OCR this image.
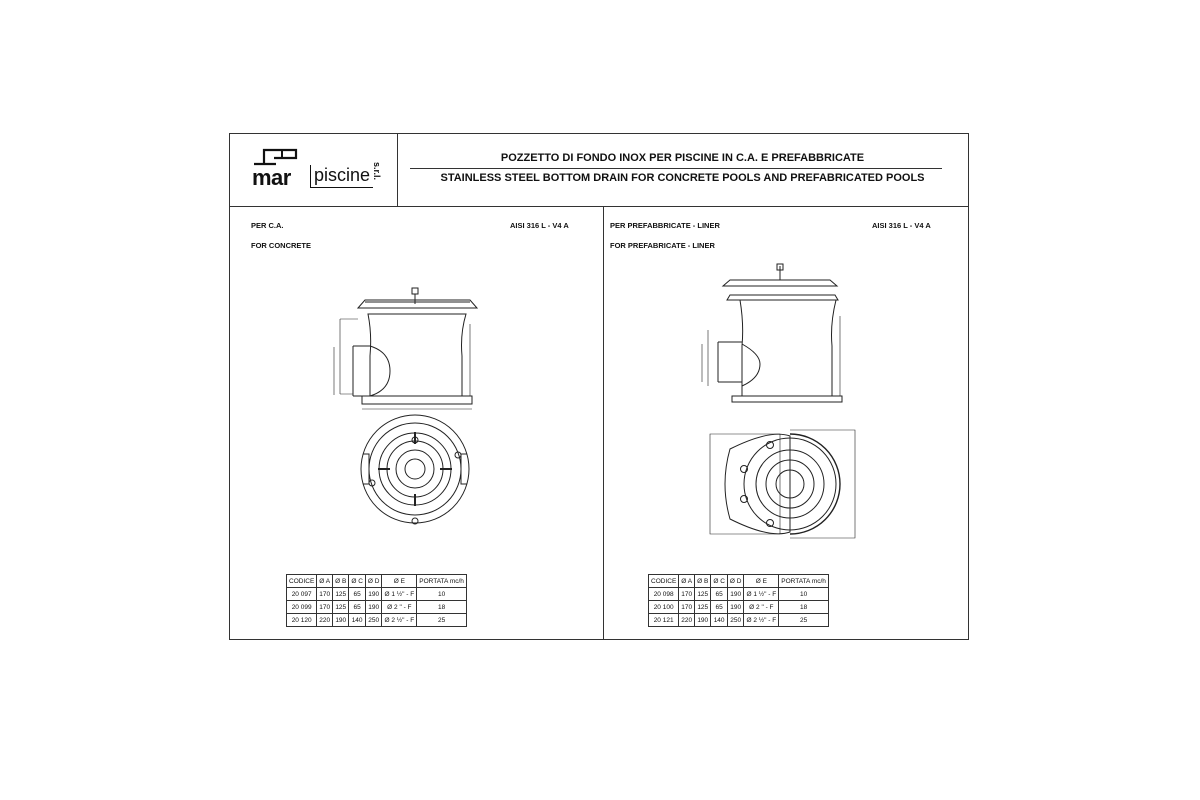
mar piscine s.r.l.
POZZETTO DI FONDO INOX PER PISCINE IN C.A. E PREFABBRICATE
STAINLESS STEEL BOTTOM DRAIN FOR CONCRETE POOLS AND PREFABRICATED POOLS
PER C.A.
FOR CONCRETE
AISI 316 L - V4 A	PER PREFABBRICATE - LINER
FOR PREFABRICATE - LINER
AISI 316 L - V4 A
CODICE	Ø A	Ø B	Ø C	Ø D	Ø E	PORTATA mc/h
20 097	170	125	65	190	Ø 1 ½" - F	10
20 099	170	125	65	190	Ø 2 " - F	18
20 120	220	190	140	250	Ø 2 ½" - F	25
CODICE	Ø A	Ø B	Ø C	Ø D	Ø E	PORTATA mc/h
20 098	170	125	65	190	Ø 1 ½" - F	10
20 100	170	125	65	190	Ø 2 " - F	18
20 121	220	190	140	250	Ø 2 ½" - F	25
